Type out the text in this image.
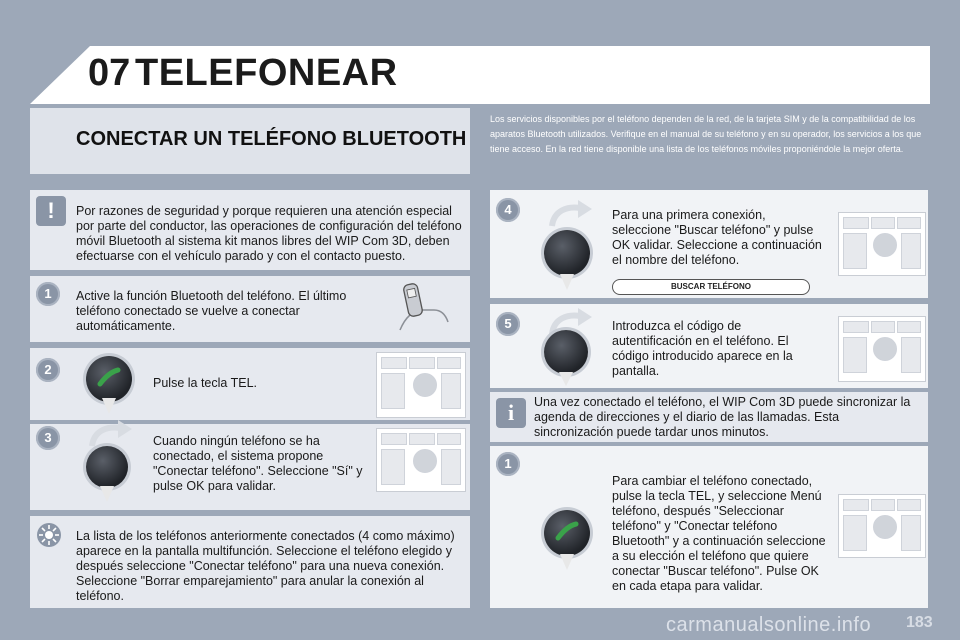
07 TELEFONEAR
CONECTAR UN TELÉFONO BLUETOOTH
Los servicios disponibles por el teléfono dependen de la red, de la tarjeta SIM y de la compatibilidad de los aparatos Bluetooth utilizados. Verifique en el manual de su teléfono y en su operador, los servicios a los que tiene acceso. En la red tiene disponible una lista de los teléfonos móviles proponiéndole la mejor oferta.
!	Por razones de seguridad y porque requieren una atención especial por parte del conductor, las operaciones de configuración del teléfono móvil Bluetooth al sistema kit manos libres del WIP Com 3D, deben efectuarse con el vehículo parado y con el contacto puesto.
1	Active la función Bluetooth del teléfono. El último teléfono conectado se vuelve a conectar automáticamente.
2
Pulse la tecla TEL.
3	Cuando ningún teléfono se ha conectado, el sistema propone "Conectar teléfono". Seleccione "Sí" y pulse OK para validar.
La lista de los teléfonos anteriormente conectados (4 como máximo) aparece en la pantalla multifunción. Seleccione el teléfono elegido y después seleccione "Conectar teléfono" para una nueva conexión. Seleccione "Borrar emparejamiento" para anular la conexión al teléfono.
4	Para una primera conexión, seleccione "Buscar teléfono" y pulse OK validar. Seleccione a continuación el nombre del teléfono.
BUSCAR TELÉFONO
5	Introduzca el código de autentificación en el teléfono. El código introducido aparece en la pantalla.
i	Una vez conectado el teléfono, el WIP Com 3D puede sincronizar la agenda de direcciones y el diario de las llamadas. Esta sincronización puede tardar unos minutos.
1
Para cambiar el teléfono conectado, pulse la tecla TEL, y seleccione Menú teléfono, después "Seleccionar teléfono" y "Conectar teléfono Bluetooth" y a continuación seleccione a su elección el teléfono que quiere conectar "Buscar teléfono". Pulse OK en cada etapa para validar.
carmanualsonline.info 183
